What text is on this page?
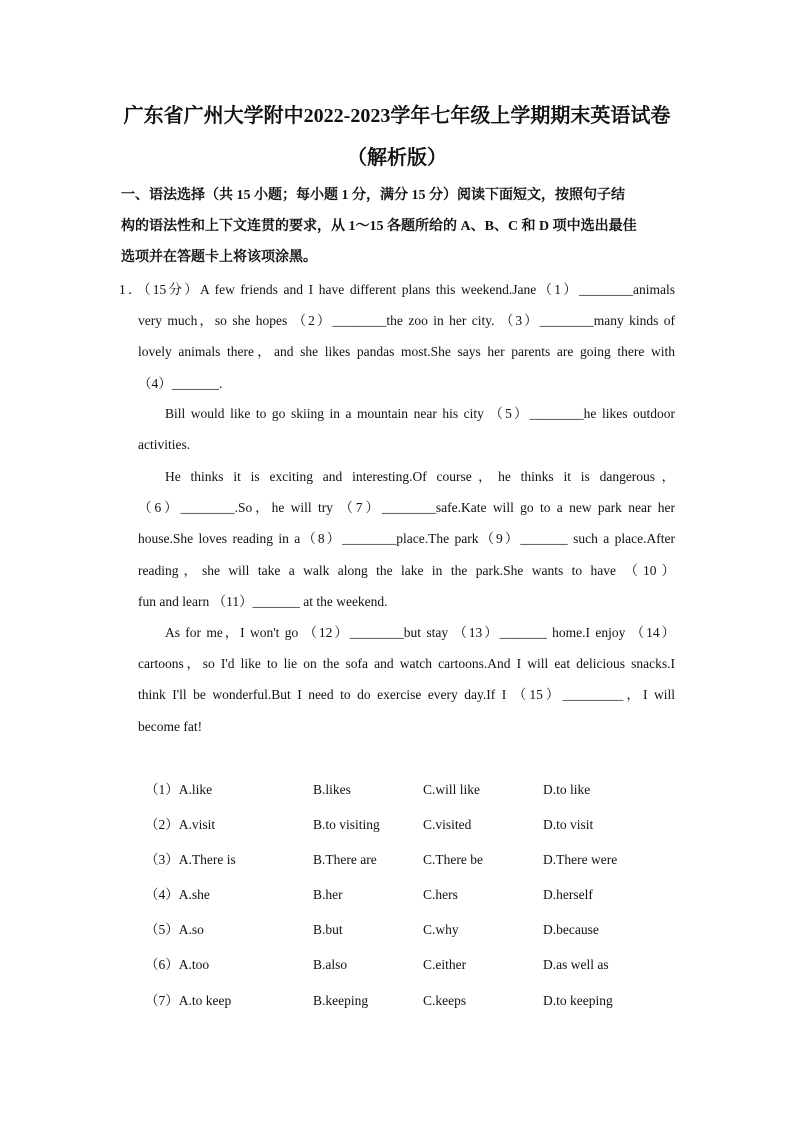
广东省广州大学附中2022-2023学年七年级上学期期末英语试卷
（解析版）
一、语法选择（共 15 小题；每小题 1 分，满分 15 分）阅读下面短文，按照句子结
构的语法性和上下文连贯的要求，从 1～15 各题所给的 A、B、C 和 D 项中选出最佳
选项并在答题卡上将该项涂黑。
1．（15分）A few friends and I have different plans this weekend.Jane（1）________animals
very much，so she hopes （2）________the zoo in her city. （3）________many kinds of
lovely animals there，and she likes pandas most.She says her parents are going there with
（4）_______.
Bill would like to go skiing in a mountain near his city （5）________he likes outdoor
activities.
He thinks it is exciting and interesting.Of course，he thinks it is dangerous，
（6）________.So，he will try （7）________safe.Kate will go to a new park near her
house.She loves reading in a（8）________place.The park（9）_______ such a place.After
reading，she will take a walk along the lake in the park.She wants to have （10）
fun and learn （11）_______ at the weekend.
As for me，I won't go （12）________but stay （13）_______ home.I enjoy （14）
cartoons，so I'd like to lie on the sofa and watch cartoons.And I will eat delicious snacks.I
think I'll be wonderful.But I need to do exercise every day.If I （15）_________，I will
become fat!
（1）A.like	B.likes	C.will like	D.to like
（2）A.visit	B.to visiting	C.visited	D.to visit
（3）A.There is	B.There are	C.There be	D.There were
（4）A.she	B.her	C.hers	D.herself
（5）A.so	B.but	C.why	D.because
（6）A.too	B.also	C.either	D.as well as
（7）A.to keep	B.keeping	C.keeps	D.to keeping
